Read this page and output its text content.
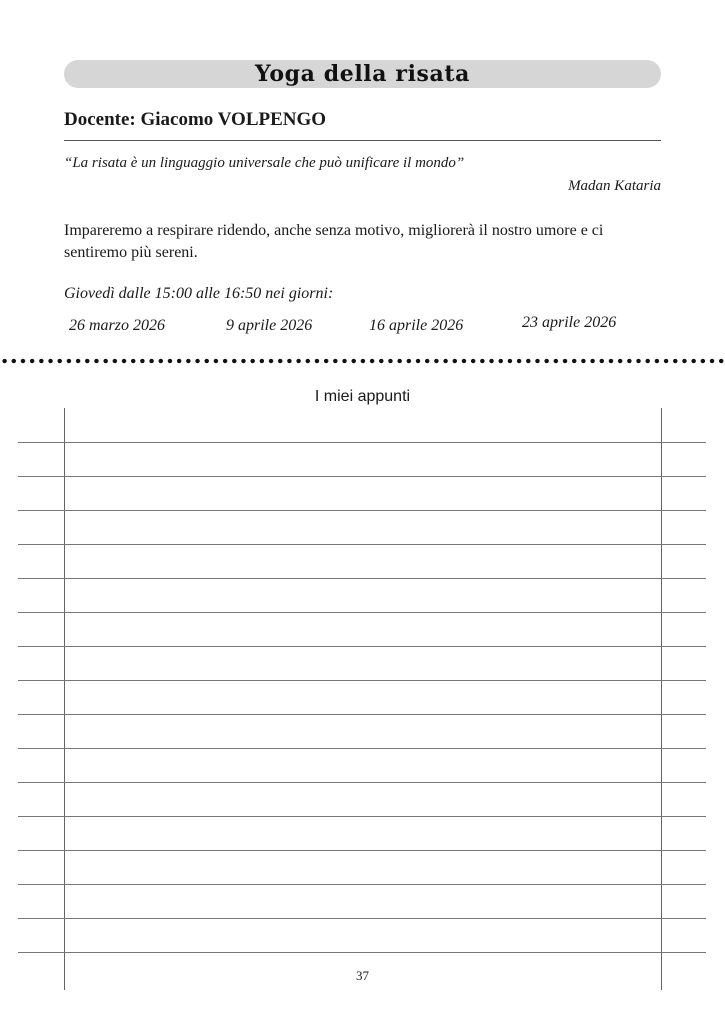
Yoga della risata
Docente: Giacomo VOLPENGO
“La risata è un linguaggio universale che può unificare il mondo”
Madan Kataria
Impareremo a respirare ridendo, anche senza motivo, migliorerà il nostro umore e ci sentiremo più sereni.
Giovedì dalle 15:00 alle 16:50 nei giorni:
26 marzo 2026	9 aprile 2026	16 aprile 2026	23 aprile 2026
I miei appunti
37
